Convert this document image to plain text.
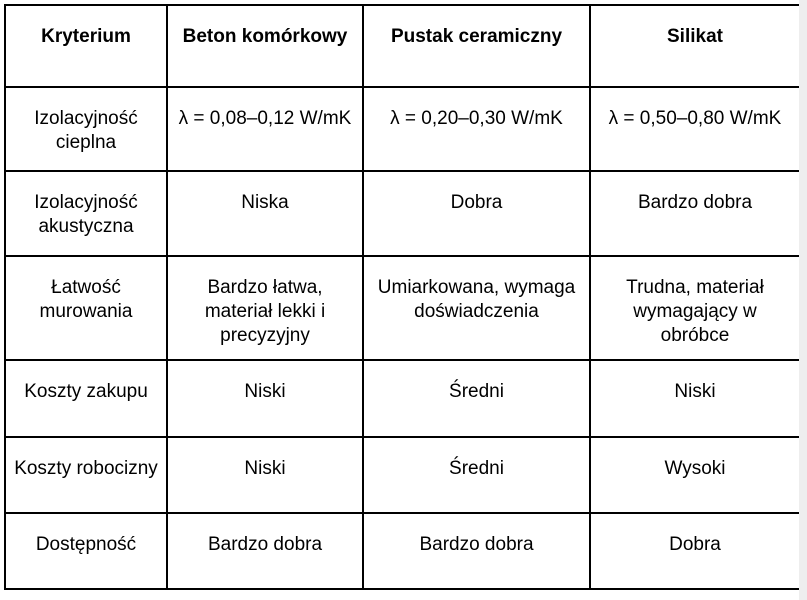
Kryterium	Beton komórkowy	Pustak ceramiczny	Silikat
Izolacyjność cieplna	λ = 0,08–0,12 W/mK	λ = 0,20–0,30 W/mK	λ = 0,50–0,80 W/mK
Izolacyjność akustyczna	Niska	Dobra	Bardzo dobra
Łatwość murowania	Bardzo łatwa, materiał lekki i precyzyjny	Umiarkowana, wymaga doświadczenia	Trudna, materiał wymagający w obróbce
Koszty zakupu	Niski	Średni	Niski
Koszty robocizny	Niski	Średni	Wysoki
Dostępność	Bardzo dobra	Bardzo dobra	Dobra
